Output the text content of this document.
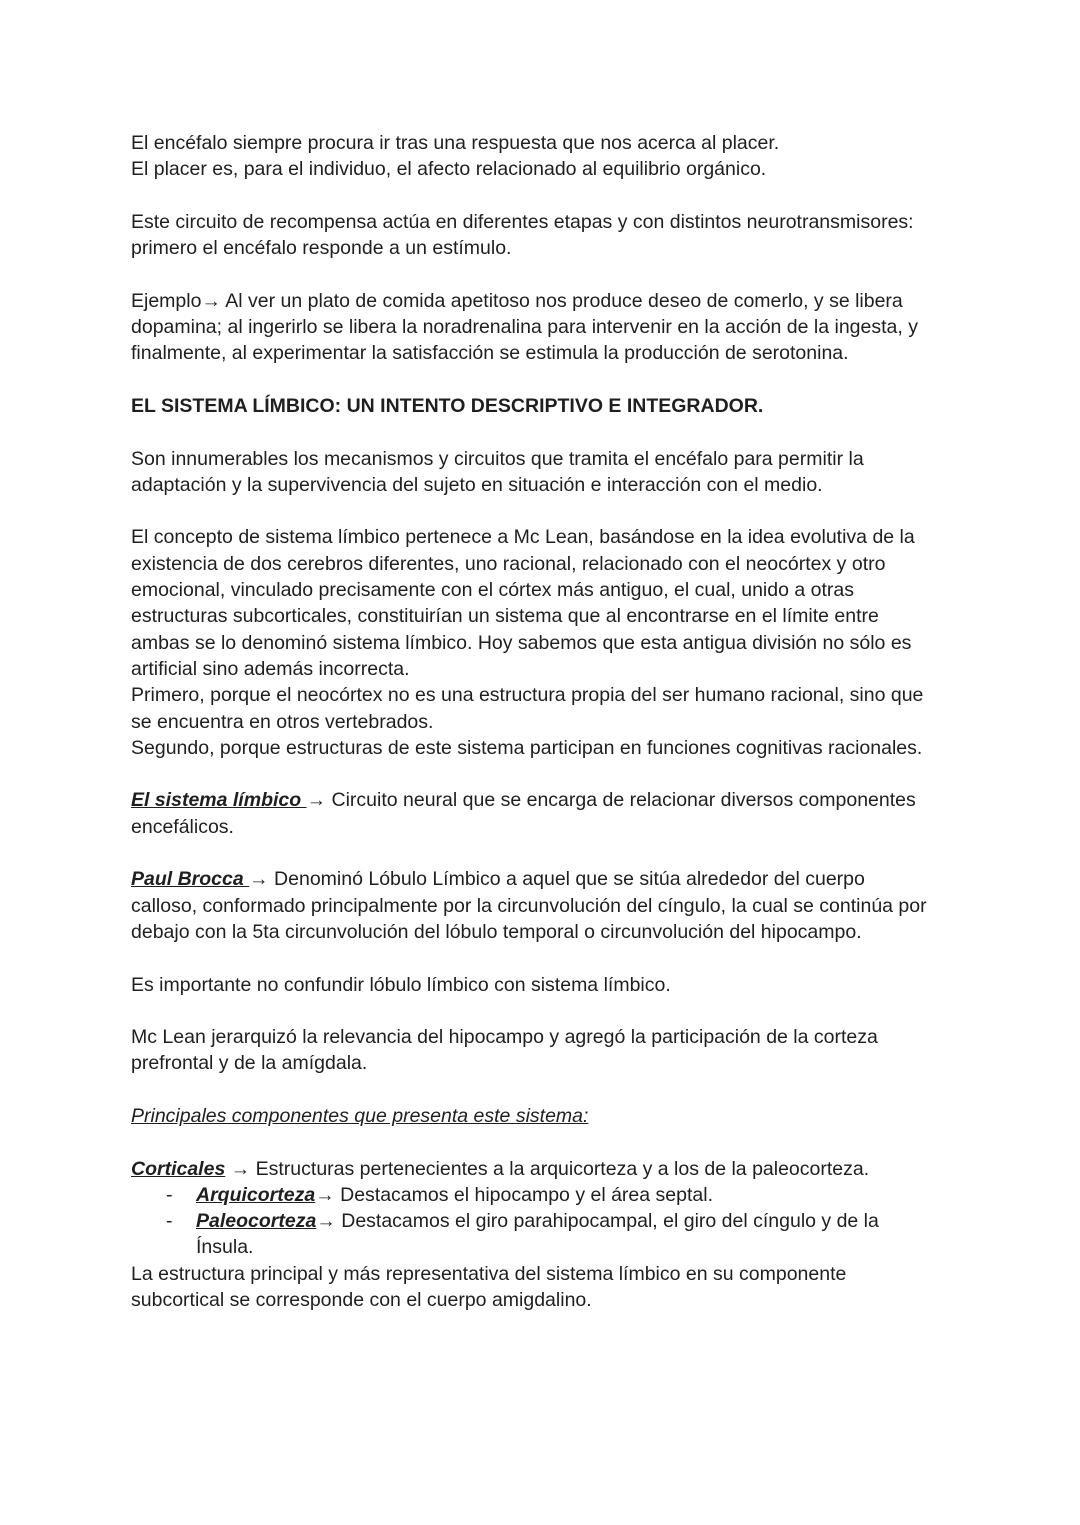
El encéfalo siempre procura ir tras una respuesta que nos acerca al placer.
El placer es, para el individuo, el afecto relacionado al equilibrio orgánico.

Este circuito de recompensa actúa en diferentes etapas y con distintos neurotransmisores:
primero el encéfalo responde a un estímulo.

Ejemplo→ Al ver un plato de comida apetitoso nos produce deseo de comerlo, y se libera
dopamina; al ingerirlo se libera la noradrenalina para intervenir en la acción de la ingesta, y
finalmente, al experimentar la satisfacción se estimula la producción de serotonina.

EL SISTEMA LÍMBICO: UN INTENTO DESCRIPTIVO E INTEGRADOR.

Son innumerables los mecanismos y circuitos que tramita el encéfalo para permitir la
adaptación y la supervivencia del sujeto en situación e interacción con el medio.

El concepto de sistema límbico pertenece a Mc Lean, basándose en la idea evolutiva de la
existencia de dos cerebros diferentes, uno racional, relacionado con el neocórtex y otro
emocional, vinculado precisamente con el córtex más antiguo, el cual, unido a otras
estructuras subcorticales, constituirían un sistema que al encontrarse en el límite entre
ambas se lo denominó sistema límbico. Hoy sabemos que esta antigua división no sólo es
artificial sino además incorrecta.
Primero, porque el neocórtex no es una estructura propia del ser humano racional, sino que
se encuentra en otros vertebrados.
Segundo, porque estructuras de este sistema participan en funciones cognitivas racionales.

El sistema límbico → Circuito neural que se encarga de relacionar diversos componentes
encefálicos.

Paul Brocca → Denominó Lóbulo Límbico a aquel que se sitúa alrededor del cuerpo
calloso, conformado principalmente por la circunvolución del cíngulo, la cual se continúa por
debajo con la 5ta circunvolución del lóbulo temporal o circunvolución del hipocampo.

Es importante no confundir lóbulo límbico con sistema límbico.

Mc Lean jerarquizó la relevancia del hipocampo y agregó la participación de la corteza
prefrontal y de la amígdala.

Principales componentes que presenta este sistema:

Corticales → Estructuras pertenecientes a la arquicorteza y a los de la paleocorteza.

- Arquicorteza→ Destacamos el hipocampo y el área septal.
- Paleocorteza→ Destacamos el giro parahipocampal, el giro del cíngulo y de la
Ínsula.

La estructura principal y más representativa del sistema límbico en su componente
subcortical se corresponde con el cuerpo amigdalino.
